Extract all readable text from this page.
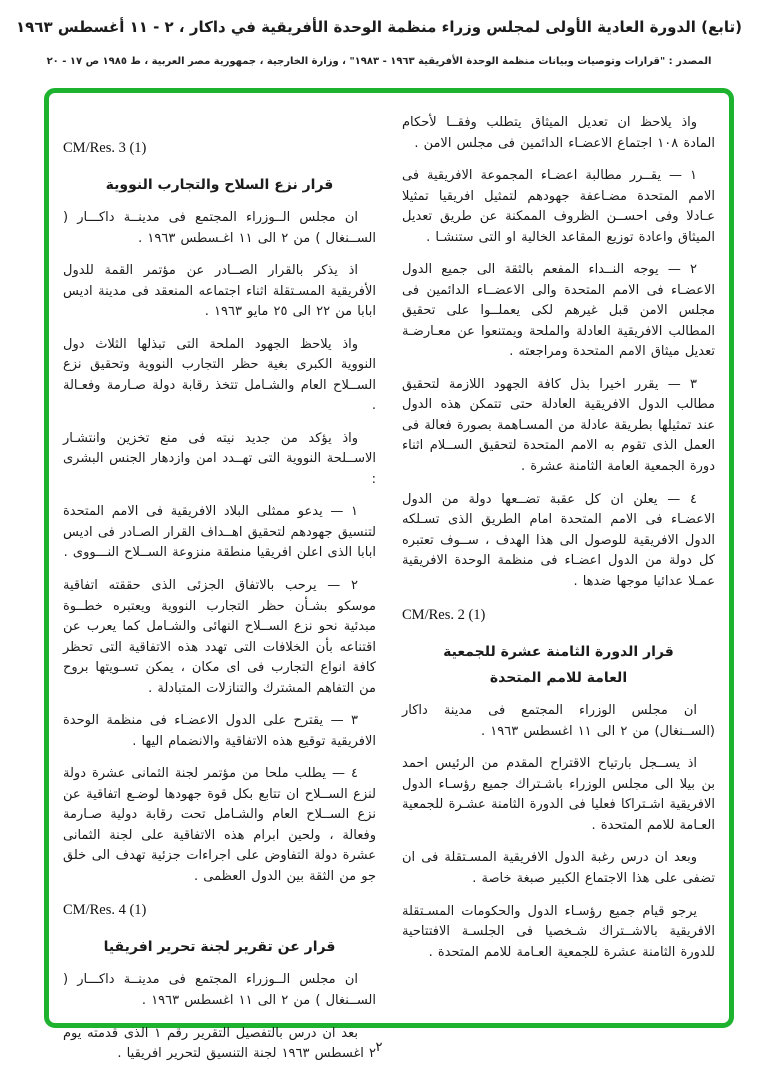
(تابع) الدورة العادية الأولى لمجلس وزراء منظمة الوحدة الأفريقية في داكار ، ٢ - ١١ أغسطس ١٩٦٣
المصدر : "قرارات وتوصيات وبيانات منظمة الوحدة الأفريقية ١٩٦٣ - ١٩٨٣" ، وزارة الخارجية ، جمهورية مصر العربية ، ط ١٩٨٥ ص ١٧ - ٢٠

واذ يلاحظ ان تعديل الميثاق يتطلب وفقــا لأحكام المادة ١٠٨ اجتماع الاعضـاء الدائمين فى مجلس الامن .

١ — يقــرر مطالبة اعضـاء المجموعة الافريقية فى الامم المتحدة مضـاعفة جهودهم لتمثيل افريقيا تمثيلا عـادلا وفى احســن الظروف الممكنة عن طريق تعديل الميثاق واعادة توزيع المقاعد الخالية او التى ستنشـا .

٢ — يوجه النــداء المفعم بالثقة الى جميع الدول الاعضـاء فى الامم المتحدة والى الاعضــاء الدائمين فى مجلس الامن قبل غيرهم لكى يعملــوا على تحقيق المطالب الافريقية العادلة والملحة ويمتنعوا عن معـارضـة تعديل ميثاق الامم المتحدة ومراجعته .

٣ — يقرر اخيرا بذل كافة الجهود اللازمة لتحقيق مطالب الدول الافريقية العادلة حتى تتمكن هذه الدول عند تمثيلها بطريقة عادلة من المسـاهمة بصورة فعالة فى العمل الذى تقوم به الامم المتحدة لتحقيق الســلام اثناء دورة الجمعية العامة الثامنة عشرة .

٤ — يعلن ان كل عقبة تضــعها دولة من الدول الاعضـاء فى الامم المتحدة امام الطريق الذى تسـلكه الدول الافريقية للوصول الى هذا الهدف ، ســوف تعتبره كل دولة من الدول اعضـاء فى منظمة الوحدة الافريقية عمـلا عدائيا موجها ضدها .

CM/Res. 2 (1)

قرار الدورة الثامنة عشرة للجمعية
العامة للامم المتحدة

ان مجلس الوزراء المجتمع فى مدينة داكار (الســنغال) من ٢ الى ١١ اغسطس ١٩٦٣ .

اذ يســجل بارتياح الاقتراح المقدم من الرئيس احمد بن بيلا الى مجلس الوزراء باشـتراك جميع رؤسـاء الدول الافريقية اشـتراكا فعليا فى الدورة الثامنة عشـرة للجمعية العـامة للامم المتحدة .

وبعد ان درس رغبة الدول الافريقية المسـتقلة فى ان تضفى على هذا الاجتماع الكبير صبغة خاصة .

يرجو قيام جميع رؤسـاء الدول والحكومات المسـتقلة الافريقية بالاشــتراك شـخصيا فى الجلسـة الافتتاحية للدورة الثامنة عشرة للجمعية العـامة للامم المتحدة .

CM/Res. 3 (1)

قرار نزع السلاح والتجارب النووية

ان مجلس الــوزراء المجتمع فى مدينــة داكـــار ( الســنغال ) من ٢ الى ١١ اغـسطس ١٩٦٣ .

اذ يذكر بالقرار الصــادر عن مؤتمر القمة للدول الأفريقية المسـتقلة اثناء اجتماعه المنعقد فى مدينة اديس ابابا من ٢٢ الى ٢٥ مايو ١٩٦٣ .

واذ يلاحظ الجهود الملحة التى تبذلها الثلاث دول النووية الكبرى بغية حظر التجارب النووية وتحقيق نزع الســلاح العام والشـامل تتخذ رقابة دولة صـارمة وفعـالة .

واذ يؤكد من جديد نيته فى منع تخزين وانتشـار الاســلحة النووية التى تهــدد امن وازدهار الجنس البشرى :

١ — يدعو ممثلى البلاد الافريقية فى الامم المتحدة لتنسيق جهودهم لتحقيق اهــداف القرار الصـادر فى اديس ابابا الذى اعلن افريقيا منطقة منزوعة الســلاح النـــووى .

٢ — يرحب بالاتفاق الجزئى الذى حققته اتفاقية موسكو بشـأن حظر التجارب النووية ويعتبره خطــوة مبدئية نحو نزع الســلاح النهائى والشـامل كما يعرب عن اقتناعه بأن الخلافات التى تهدد هذه الاتفاقية التى تحظر كافة انواع التجارب فى اى مكان ، يمكن تسـويتها بروح من التفاهم المشترك والتنازلات المتبادلة .

٣ — يقترح على الدول الاعضـاء فى منظمة الوحدة الافريقية توقيع هذه الاتفاقية والانضمام اليها .

٤ — يطلب ملحا من مؤتمر لجنة الثمانى عشرة دولة لنزع الســلاح ان تتابع بكل قوة جهودها لوضـع اتفاقية عن نزع الســلاح العام والشـامل تحت رقابة دولية صـارمة وفعالة ، ولحين ابرام هذه الاتفاقية على لجنة الثمانى عشرة دولة التفاوض على اجراءات جزئية تهدف الى خلق جو من الثقة بين الدول العظمى .

CM/Res. 4 (1)

قرار عن تقرير لجنة تحرير افريقيا

ان مجلس الــوزراء المجتمع فى مدينــة داكـــار ( الســنغال ) من ٢ الى ١١ اغسطس ١٩٦٣ .

بعد ان درس بالتفصيل التقرير رقم ١ الذى قدمته يوم ٢ اغسطس ١٩٦٣ لجنة التنسيق لتحرير افريقيا . ٢
